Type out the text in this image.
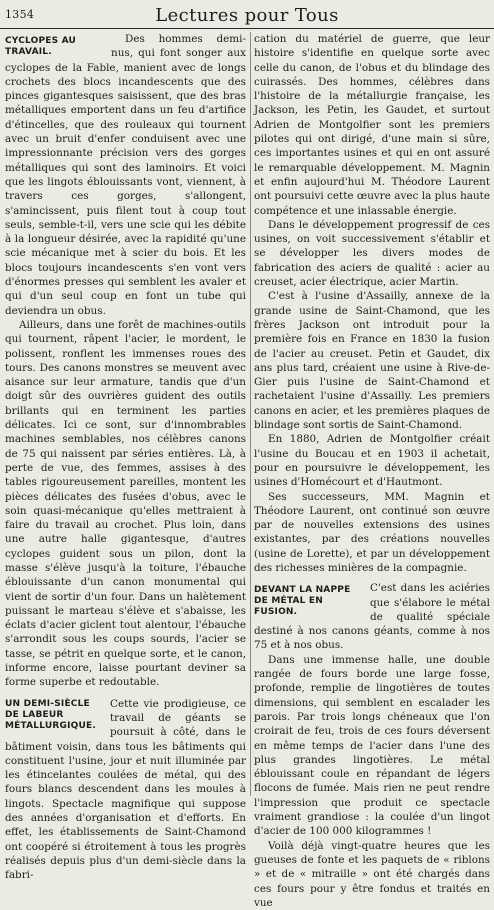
1354	Lectures pour Tous

CYCLOPES AU TRAVAIL.
Des hommes demi-nus, qui font songer aux cyclopes de la Fable, manient avec de longs crochets des blocs incandescents que des pinces gigantesques saisissent, que des bras métalliques emportent dans un feu d'artifice d'étincelles, que des rouleaux qui tournent avec un bruit d'enfer conduisent avec une impressionnante précision vers des gorges métalliques qui sont des laminoirs. Et voici que les lingots éblouissants vont, viennent, à travers ces gorges, s'allongent, s'amincissent, puis filent tout à coup tout seuls, semble-t-il, vers une scie qui les débite à la longueur désirée, avec la rapidité qu'une scie mécanique met à scier du bois. Et les blocs toujours incandescents s'en vont vers d'énormes presses qui semblent les avaler et qui d'un seul coup en font un tube qui deviendra un obus.

Ailleurs, dans une forêt de machines-outils qui tournent, râpent l'acier, le mordent, le polissent, ronflent les immenses roues des tours. Des canons monstres se meuvent avec aisance sur leur armature, tandis que d'un doigt sûr des ouvrières guident des outils brillants qui en terminent les parties délicates. Ici ce sont, sur d'innombrables machines semblables, nos célèbres canons de 75 qui naissent par séries entières. Là, à perte de vue, des femmes, assises à des tables rigoureusement pareilles, montent les pièces délicates des fusées d'obus, avec le soin quasi-mécanique qu'elles mettraient à faire du travail au crochet. Plus loin, dans une autre halle gigantesque, d'autres cyclopes guident sous un pilon, dont la masse s'élève jusqu'à la toiture, l'ébauche éblouissante d'un canon monumental qui vient de sortir d'un four. Dans un halètement puissant le marteau s'élève et s'abaisse, les éclats d'acier giclent tout alentour, l'ébauche s'arrondit sous les coups sourds, l'acier se tasse, se pétrit en quelque sorte, et le canon, informe encore, laisse pourtant deviner sa forme superbe et redoutable.

UN DEMI-SIÈCLE DE LABEUR MÉTALLURGIQUE.
Cette vie prodigieuse, ce travail de géants se poursuit à côté, dans le bâtiment voisin, dans tous les bâtiments qui constituent l'usine, jour et nuit illuminée par les étincelantes coulées de métal, qui des fours blancs descendent dans les moules à lingots. Spectacle magnifique qui suppose des années d'organisation et d'efforts. En effet, les établissements de Saint-Chamond ont coopéré si étroitement à tous les progrès réalisés depuis plus d'un demi-siècle dans la fabri-

cation du matériel de guerre, que leur histoire s'identifie en quelque sorte avec celle du canon, de l'obus et du blindage des cuirassés. Des hommes, célèbres dans l'histoire de la métallurgie française, les Jackson, les Petin, les Gaudet, et surtout Adrien de Montgolfier sont les premiers pilotes qui ont dirigé, d'une main si sûre, ces importantes usines et qui en ont assuré le remarquable développement. M. Magnin et enfin aujourd'hui M. Théodore Laurent ont poursuivi cette œuvre avec la plus haute compétence et une inlassable énergie.

Dans le développement progressif de ces usines, on voit successivement s'établir et se développer les divers modes de fabrication des aciers de qualité : acier au creuset, acier électrique, acier Martin.

C'est à l'usine d'Assailly, annexe de la grande usine de Saint-Chamond, que les frères Jackson ont introduit pour la première fois en France en 1830 la fusion de l'acier au creuset. Petin et Gaudet, dix ans plus tard, créaient une usine à Rive-de-Gier puis l'usine de Saint-Chamond et rachetaient l'usine d'Assailly. Les premiers canons en acier, et les premières plaques de blindage sont sortis de Saint-Chamond.

En 1880, Adrien de Montgolfier créait l'usine du Boucau et en 1903 il achetait, pour en poursuivre le développement, les usines d'Homécourt et d'Hautmont.

Ses successeurs, MM. Magnin et Théodore Laurent, ont continué son œuvre par de nouvelles extensions des usines existantes, par des créations nouvelles (usine de Lorette), et par un développement des richesses minières de la compagnie.

DEVANT LA NAPPE DE MÉTAL EN FUSION.
C'est dans les aciéries que s'élabore le métal de qualité spéciale destiné à nos canons géants, comme à nos 75 et à nos obus.

Dans une immense halle, une double rangée de fours borde une large fosse, profonde, remplie de lingotières de toutes dimensions, qui semblent en escalader les parois. Par trois longs chéneaux que l'on croirait de feu, trois de ces fours déversent en même temps de l'acier dans l'une des plus grandes lingotières. Le métal éblouissant coule en répandant de légers flocons de fumée. Mais rien ne peut rendre l'impression que produit ce spectacle vraiment grandiose : la coulée d'un lingot d'acier de 100 000 kilogrammes !

Voilà déjà vingt-quatre heures que les gueuses de fonte et les paquets de « riblons » et de « mitraille » ont été chargés dans ces fours pour y être fondus et traités en vue
